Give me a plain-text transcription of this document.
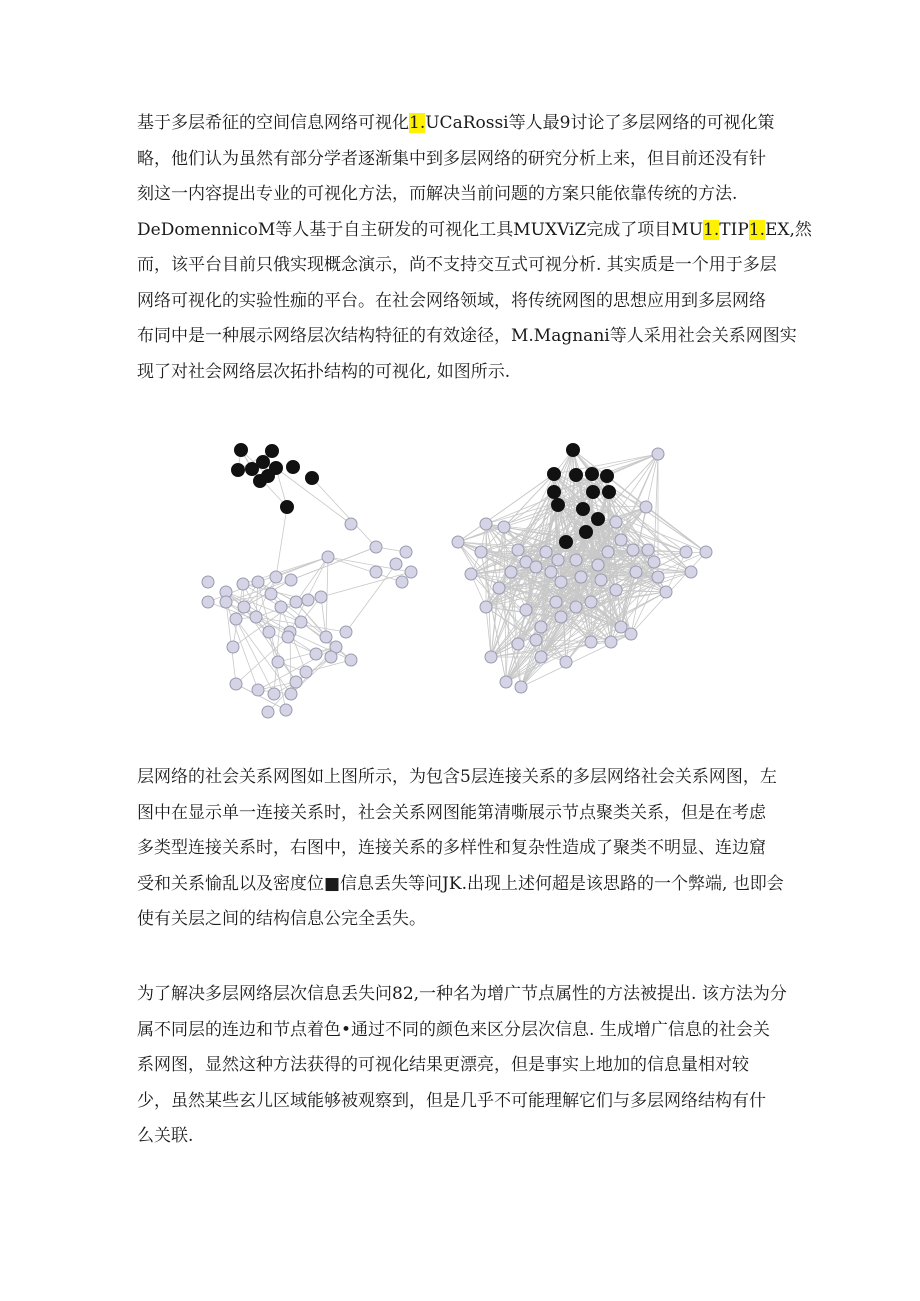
基于多层希征的空间信息网络可视化1.UCaRossi等人最9讨论了多层网络的可视化策
略，他们认为虽然有部分学者逐渐集中到多层网络的研究分析上来，但目前还没有针
刻这一内容提出专业的可视化方法，而解决当前问题的方案只能依靠传统的方法.
DeDomennicoM等人基于自主研发的可视化工具MUXViZ完成了项目MU1.TIP1.EX,然
而，该平台目前只俄实现概念演示，尚不支持交互式可视分析. 其实质是一个用于多层
网络可视化的实验性痂的平台。在社会网络领域，将传统网图的思想应用到多层网络
布同中是一种展示网络层次结构特征的有效途径，M.Magnani等人采用社会关系网图实
现了对社会网络层次拓扑结构的可视化, 如图所示.
层网络的社会关系网图如上图所示，为包含5层连接关系的多层网络社会关系网图，左
图中在显示单一连接关系时，社会关系网图能第清嘶展示节点聚类关系，但是在考虑
多类型连接关系时，右图中，连接关系的多样性和复杂性造成了聚类不明显、连边窟
受和关系愉乱以及密度位■信息丢失等问JK.出现上述何超是该思路的一个弊端, 也即会
使有关层之间的结构信息公完全丢失。
为了解决多层网络层次信息丢失问82,一种名为增广节点属性的方法被提出. 该方法为分
属不同层的连边和节点着色•通过不同的颜色来区分层次信息. 生成增广信息的社会关
系网图，显然这种方法获得的可视化结果更漂亮，但是事实上地加的信息量相对较
少，虽然某些玄儿区域能够被观察到，但是几乎不可能理解它们与多层网络结构有什
么关联.
